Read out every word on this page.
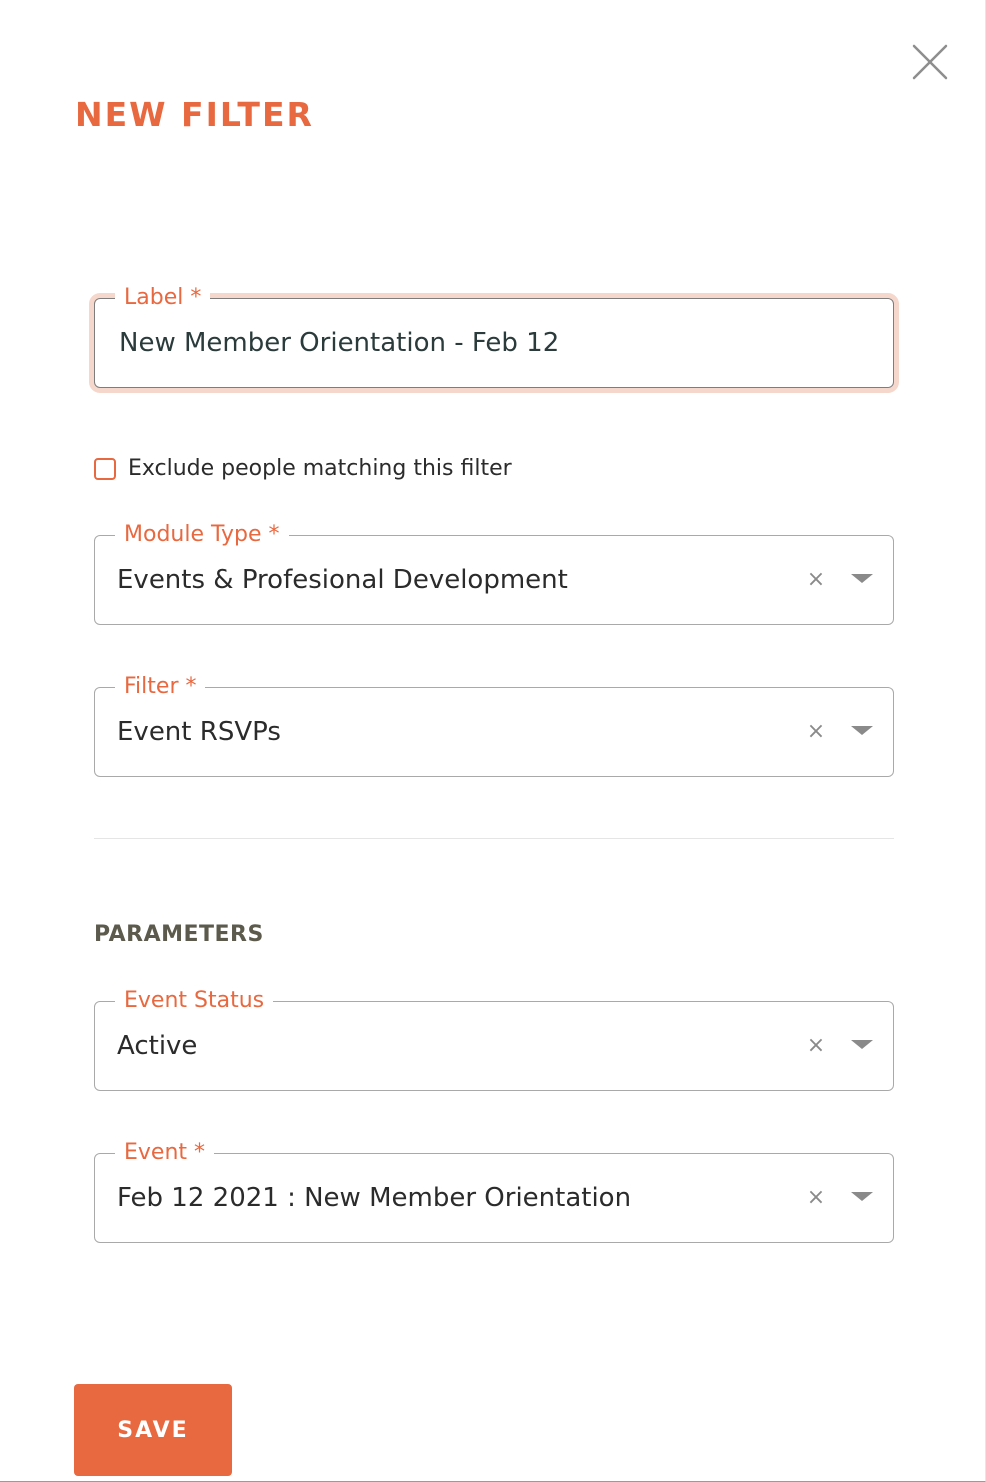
NEW FILTER
Label *
New Member Orientation - Feb 12
Exclude people matching this filter
Module Type *
Events & Profesional Development	×
Filter *
Event RSVPs	×
PARAMETERS
Event Status
Active	×
Event *
Feb 12 2021 : New Member Orientation	×
SAVE
